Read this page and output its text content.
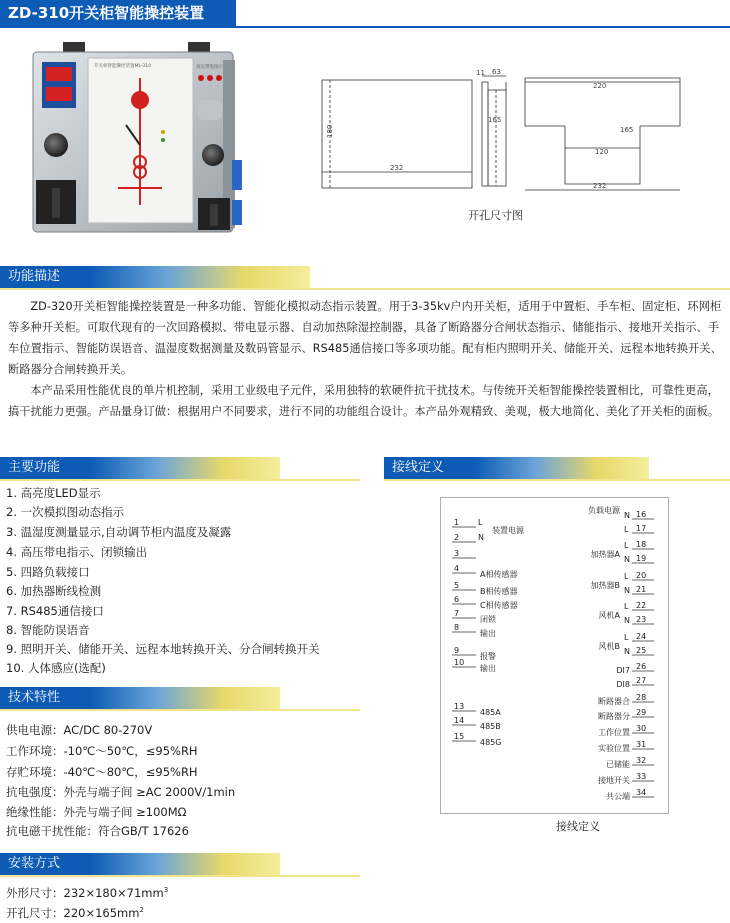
ZD-310开关柜智能操控装置
开关柜智能操控装置ML-310	高压带电指示
232
180
11 63
165
220
165
120
232
开孔尺寸图
功能描述
ZD-320开关柜智能操控装置是一种多功能、智能化模拟动态指示装置。用于3-35kv户内开关柜，适用于中置柜、手车柜、固定柜、环网柜等多种开关柜。可取代现有的一次回路模拟、带电显示器、自动加热除湿控制器，具备了断路器分合闸状态指示、储能指示、接地开关指示、手车位置指示、智能防误语音、温湿度数据测量及数码管显示、RS485通信接口等多项功能。配有柜内照明开关、储能开关、远程本地转换开关、断路器分合闸转换开关。
本产品采用性能优良的单片机控制，采用工业级电子元件，采用独特的软硬件抗干扰技术。与传统开关柜智能操控装置相比，可靠性更高，搞干扰能力更强。产品量身订做：根据用户不同要求，进行不同的功能组合设计。本产品外观精致、美观，极大地简化、美化了开关柜的面板。
主要功能
1. 高亮度LED显示
2. 一次模拟图动态指示
3. 温湿度测量显示,自动调节柜内温度及凝露
4. 高压带电指示、闭锁输出
5. 四路负载接口
6. 加热器断线检测
7. RS485通信接口
8. 智能防误语音
9. 照明开关、储能开关、远程本地转换开关、分合闸转换开关
10. 人体感应(选配)
技术特性
供电电源：AC/DC 80-270V
工作环境：-10℃～50℃，≤95%RH
存贮环境：-40℃～80℃，≤95%RH
抗电强度：外壳与端子间 ≥AC 2000V/1min
绝缘性能：外壳与端子间 ≥100MΩ
抗电磁干扰性能：符合GB/T 17626
安装方式
外形尺寸：$232\times 180\times 71mm^3$
开孔尺寸：$220\times 165mm^2$
接线定义
1 L
装置电源
2 N
3
4
A相传感器
5
B相传感器
6
C相传感器
7
闭锁
8
输出
9
报警
10
输出
13
485A
14
485B
15
485G
16
N
负载电源
17
L
18
L
19
N
加热器A
20
L
21
N
加热器B
22
L
23
N
风机A
24
L
25
N
风机B
26
DI7
27
DI8
28
断路器合
29
断路器分
30
工作位置
31
实验位置
32
已储能
33
接地开关
34
共公端
接线定义
